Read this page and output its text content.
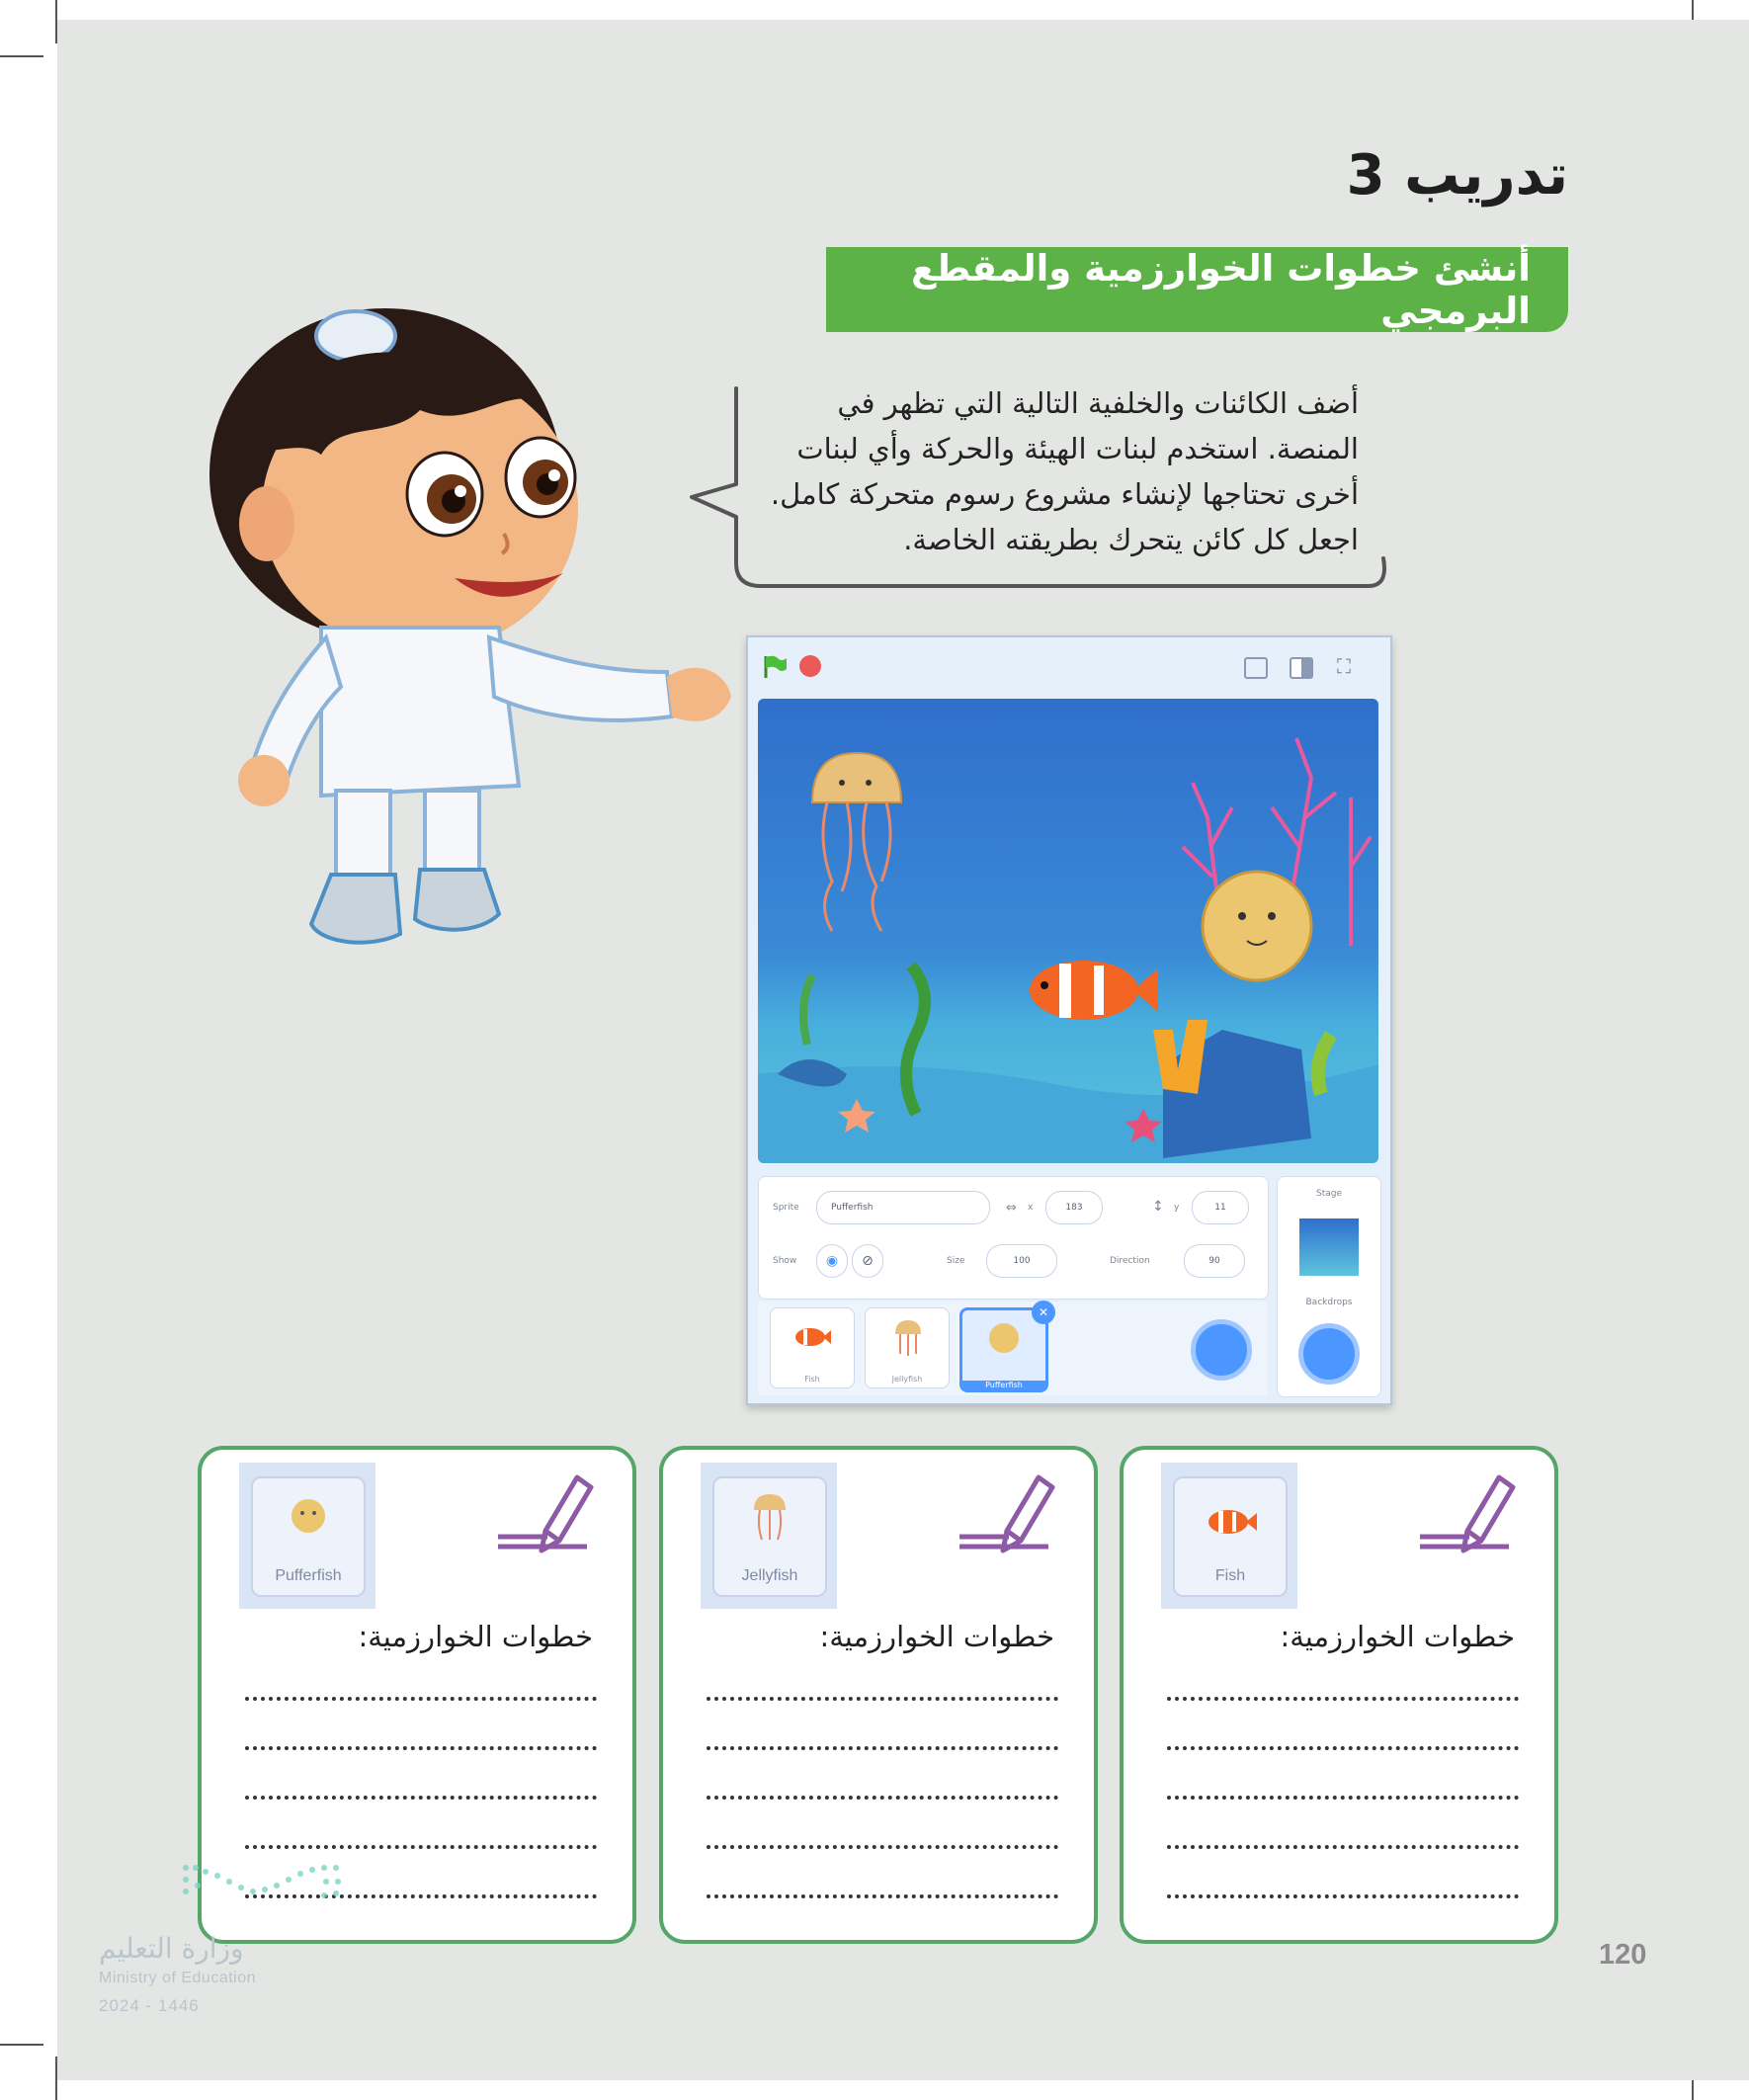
تدريب 3
أنشئ خطوات الخوارزمية والمقطع البرمجي

أضف الكائنات والخلفية التالية التي تظهر في

المنصة. استخدم لبنات الهيئة والحركة وأي لبنات

أخرى تحتاجها لإنشاء مشروع رسوم متحركة كامل.

اجعل كل كائن يتحرك بطريقته الخاصة.

⛶
Sprite	Pufferfish	⇔ x	183	↕ y	11
Show	◉	⊘	Size	100	Direction	90
Fish	Jellyfish
Pufferfish
✕
Stage
Backdrops
Fish
خطوات الخوارزمية:
Jellyfish
خطوات الخوارزمية:
Pufferfish
خطوات الخوارزمية:
وزارة التعليم
Ministry of Education
2024 - 1446
120
